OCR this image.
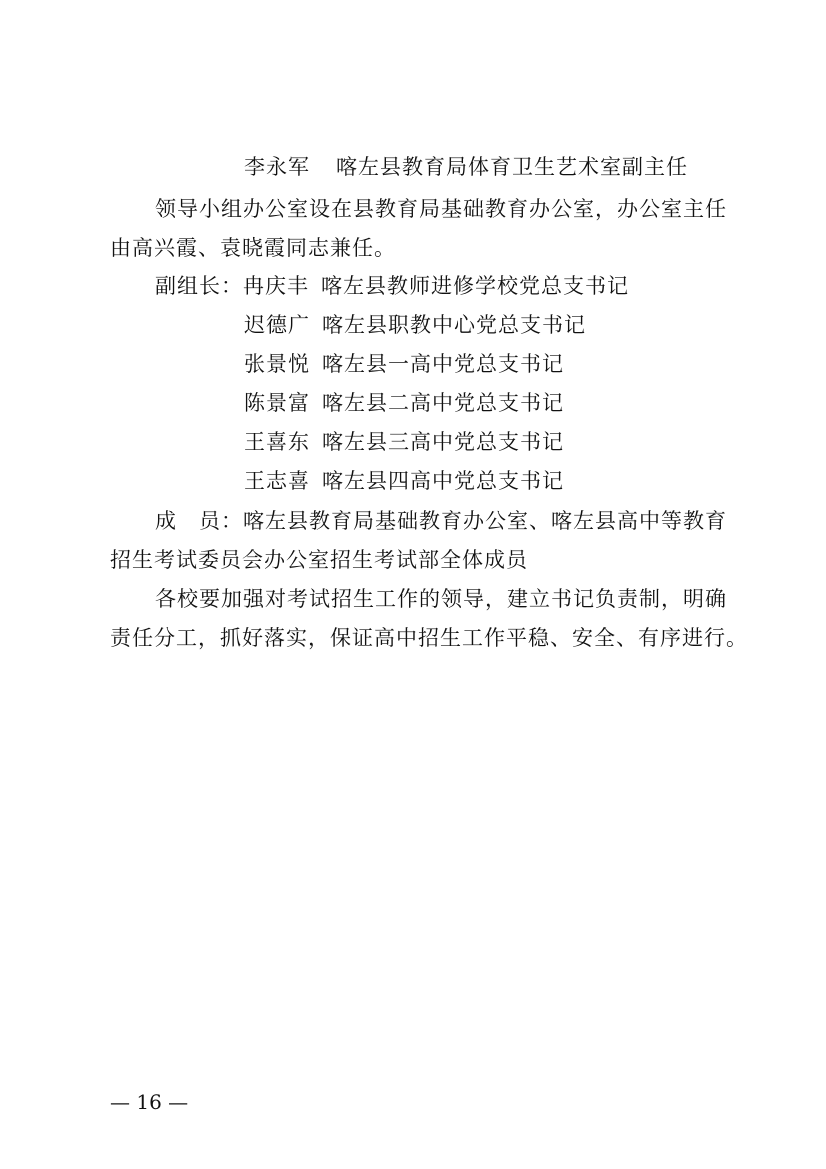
李永军 喀左县教育局体育卫生艺术室副主任
领导小组办公室设在县教育局基础教育办公室，办公室主任
由高兴霞、袁晓霞同志兼任。
副组长：冉庆丰 喀左县教师进修学校党总支书记
迟德广 喀左县职教中心党总支书记
张景悦 喀左县一高中党总支书记
陈景富 喀左县二高中党总支书记
王喜东 喀左县三高中党总支书记
王志喜 喀左县四高中党总支书记
成　员：喀左县教育局基础教育办公室、喀左县高中等教育
招生考试委员会办公室招生考试部全体成员
各校要加强对考试招生工作的领导，建立书记负责制，明确
责任分工，抓好落实，保证高中招生工作平稳、安全、有序进行。
— 16 —
